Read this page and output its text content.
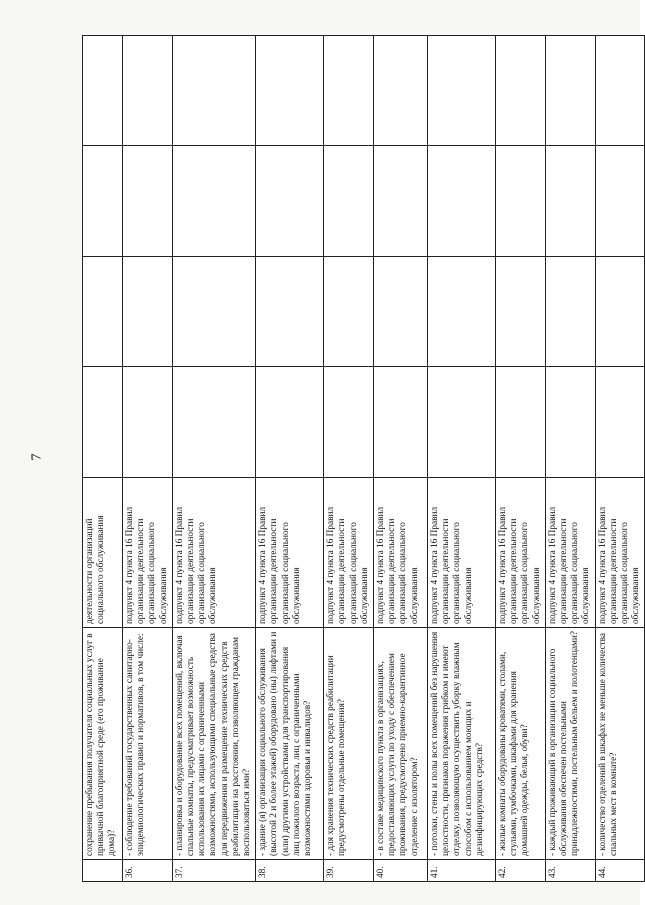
7
	сохранение пребывания получателя социальных услуг в привычной благоприятной среде (его проживание дома)?	деятельности организаций социального обслуживания				
36.	- соблюдение требований государственных санитарно-эпидемиологических правил и нормативов, в том числе:	подпункт 4 пункта 16 Правил организации деятельности организаций социального обслуживания				
37.	- планировка и оборудование всех помещений, включая спальные комнаты, предусматривает возможность использования их лицами с ограниченными возможностями, использующими специальные средства для передвижения и размещение технических средств реабилитации на расстоянии, позволяющем гражданам воспользоваться ими?	подпункт 4 пункта 16 Правил организации деятельности организаций социального обслуживания				
38.	- здание (я) организации социального обслуживания (высотой 2 и более этажей) оборудовано (ны) лифтами и (или) другими устройствами для транспортирования лиц пожилого возраста, лиц с ограниченными возможностями здоровья и инвалидов?	подпункт 4 пункта 16 Правил организации деятельности организаций социального обслуживания				
39.	- для хранения технических средств реабилитации предусмотрены отдельные помещения?	подпункт 4 пункта 16 Правил организации деятельности организаций социального обслуживания				
40.	- в составе медицинского пункта в организациях, предоставляющих услуги по уходу с обеспечением проживания, предусмотрено приемно-карантинное отделение с изолятором?	подпункт 4 пункта 16 Правил организации деятельности организаций социального обслуживания				
41.	- потолки, стены и полы всех помещений без нарушения целостности, признаков поражения грибком и имеют отделку, позволяющую осуществить уборку влажным способом с использованием моющих и дезинфицирующих средств?	подпункт 4 пункта 16 Правил организации деятельности организаций социального обслуживания				
42.	- жилые комнаты оборудованы кроватями, столами, стульями, тумбочками, шкафами для хранения домашней одежды, белья, обуви?	подпункт 4 пункта 16 Правил организации деятельности организаций социального обслуживания				
43.	- каждый проживающий в организации социального обслуживания обеспечен постельными принадлежностями, постельным бельем и полотенцами?	подпункт 4 пункта 16 Правил организации деятельности организаций социального обслуживания				
44.	- количество отделений в шкафах не меньше количества спальных мест в комнате?	подпункт 4 пункта 16 Правил организации деятельности организаций социального обслуживания				
